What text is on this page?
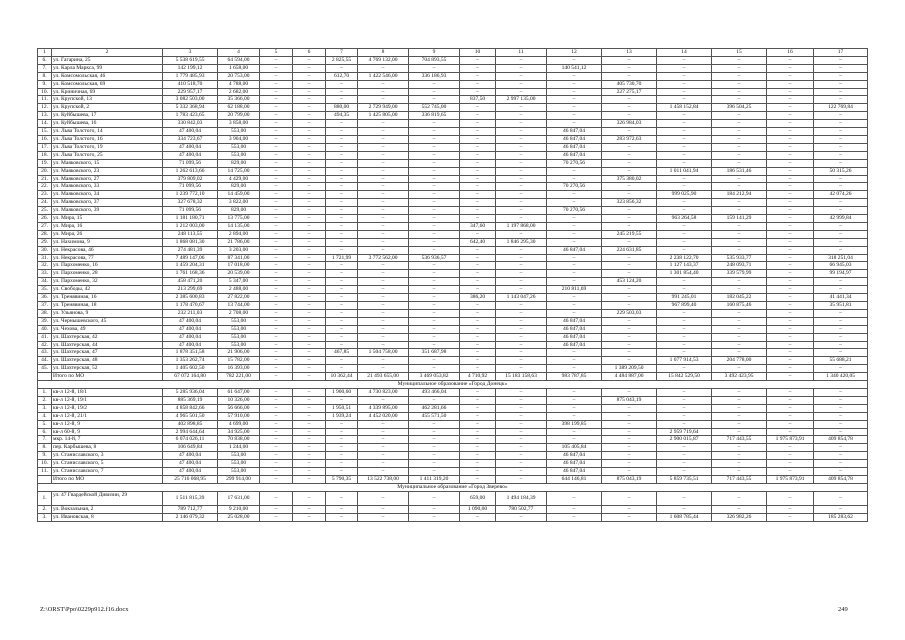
1	2	3	4	5	6	7	8	9	10	11	12	13	14	15	16	17
6.	ул. Гагарина, 25	5 538 619,55	64 594,00	–	–	2 825,55	4 769 132,00	704 893,55	–	–	–	–	–	–	–	–
7.	ул. Карла Маркса, 99	142 199,12	1 658,00	–	–	–	–	–	–	–	140 541,12	–	–	–	–	–
8.	ул. Комсомольская, 46	1 779 485,93	20 753,00	–	–	612,70	1 422 546,00	336 186,93	–	–	–	–	–	–	–	–
9.	ул. Комсомольская, 69	410 518,70	4 788,00	–	–	–	–	–	–	–	–	405 730,70	–	–	–	–
10.	ул. Криничная, 69	229 957,17	2 682,00	–	–	–	–	–	–	–	–	227 275,17	–	–	–	–
11.	ул. Крупской, 13	3 082 503,00	35 366,00	–	–	–	–	–	837,50	2 997 135,00	–	–	–	–	–	–
12.	ул. Крупской, 2	5 332 368,94	62 188,00	–	–	880,00	2 729 949,00	552 745,00	–	–	–	–	1 458 152,84	396 504,25	–	122 769,84
13.	ул. Куйбышева, 17	1 783 423,65	20 799,00	–	–	494,35	1 425 805,00	336 819,65	–	–	–	–	–	–	–	–
14.	ул. Куйбышева, 16	330 842,03	3 858,00	–	–	–	–	–	–	–	–	326 984,03	–	–	–	–
15.	ул. Льва Толстого, 14	47 400,04	553,00	–	–	–	–	–	–	–	46 847,04	–	–	–	–	–
16.	ул. Льва Толстого, 16	334 723,67	3 904,00	–	–	–	–	–	–	–	46 847,04	283 972,63	–	–	–	–
17.	ул. Льва Толстого, 19	47 400,04	553,00	–	–	–	–	–	–	–	46 847,04	–	–	–	–	–
18.	ул. Льва Толстого, 25	47 400,04	553,00	–	–	–	–	–	–	–	46 847,04	–	–	–	–	–
19.	ул. Маяковского, 15	71 099,56	829,00	–	–	–	–	–	–	–	70 270,56	–	–	–	–	–
20.	ул. Маяковского, 23	1 262 613,66	14 725,00	–	–	–	–	–	–	–	–	–	1 011 041,94	186 531,46	–	50 315,26
21.	ул. Маяковского, 27	379 809,02	4 429,00	–	–	–	–	–	–	–	–	375 380,02	–	–	–	–
22.	ул. Маяковского, 33	71 099,56	829,00	–	–	–	–	–	–	–	70 270,56	–	–	–	–	–
23.	ул. Маяковского, 34	1 239 772,10	14 459,00	–	–	–	–	–	–	–	–	–	999 025,90	184 212,94	–	42 074,26
24.	ул. Маяковского, 37	327 678,32	3 822,00	–	–	–	–	–	–	–	–	323 856,32	–	–	–	–
25.	ул. Маяковского, 39	71 099,56	829,00	–	–	–	–	–	–	–	70 270,56	–	–	–	–	–
26.	ул. Мира, 15	1 181 180,71	13 775,00	–	–	–	–	–	–	–	–	–	963 264,58	159 141,29	–	42 999,84
27.	ул. Мира, 16	1 212 003,00	14 135,00	–	–	–	–	–	347,60	1 197 868,00	–	–	–	–	–	–
28.	ул. Мира, 26	248 113,55	2 894,00	–	–	–	–	–	–	–	–	245 219,55	–	–	–	–
29.	ул. Нахимова, 9	1 868 081,30	21 786,00	–	–	–	–	–	642,40	1 846 295,30	–	–	–	–	–	–
30.	ул. Некрасова, 46	274 481,39	3 203,00	–	–	–	–	–	–	–	46 847,04	224 631,85	–	–	–	–
31.	ул. Некрасова, 77	7 489 147,06	87 341,00	–	–	1 721,99	3 772 562,00	536 936,57	–	–	–	–	2 238 122,70	535 933,77	–	318 251,04
32.	ул. Пархоменко, 16	1 459 204,31	17 018,00	–	–	–	–	–	–	–	–	–	1 127 143,37	248 093,71	–	66 945,03
33.	ул. Пархоменко, 28	1 761 168,36	20 539,00	–	–	–	–	–	–	–	–	–	1 301 854,40	339 579,99	–	99 194,97
34.	ул. Пархоменко, 32	458 471,20	5 347,00	–	–	–	–	–	–	–	–	453 124,20	–	–	–	–
35.	ул. Свободы, 42	213 299,69	2 488,00	–	–	–	–	–	–	–	210 811,69	–	–	–	–	–
36.	ул. Тренявиная, 16	2 385 600,83	27 822,00	–	–	–	–	–	386,20	1 143 047,26	–	–	991 245,01	182 045,22	–	41 441,34
37.	ул. Тренявиная, 18	1 178 470,67	13 744,00	–	–	–	–	–	–	–	–	–	967 899,40	160 875,46	–	35 951,81
38.	ул. Ульянова, 9	232 211,03	2 708,00	–	–	–	–	–	–	–	–	229 503,03	–	–	–	–
39.	ул. Чернышевского, 45	47 400,04	553,00	–	–	–	–	–	–	–	46 847,04	–	–	–	–	–
40.	ул. Чехова, 49	47 400,04	553,00	–	–	–	–	–	–	–	46 847,04	–	–	–	–	–
41.	ул. Шахтерская, 42	47 400,04	553,00	–	–	–	–	–	–	–	46 847,04	–	–	–	–	–
42.	ул. Шахтерская, 44	47 400,04	553,00	–	–	–	–	–	–	–	46 847,04	–	–	–	–	–
43.	ул. Шахтерская, 47	1 878 351,58	21 906,00	–	–	467,85	1 504 758,00	351 687,98	–	–	–	–	–	–	–	–
44.	ул. Шахтерская, 48	1 353 262,74	15 782,00	–	–	–	–	–	–	–	–	–	1 077 914,53	204 778,00	–	55 688,21
45.	ул. Шахтерская, 52	1 405 602,50	16 393,00	–	–	–	–	–	–	–	–	1 389 209,50	–	–	–	–
	Итого по МО	67 072 164,80	782 221,00	–	–	10 362,44	21 493 655,00	3 469 053,82	4 710,92	15 183 158,63	983 787,85	4 484 887,00	15 842 529,50	3 492 423,95	–	1 340 420,05
Муниципальное образование «Город Донецк»																
1.	кв-л 12-й, 18/1	5 285 936,04	61 647,00	–	–	1 900,60	4 730 823,00	493 466,04	–	–	–	–	–	–	–	–
2.	кв-л 12-й, 19/1	885 369,19	10 326,00	–	–	–	–	–	–	–	–	875 043,19	–	–	–	–
3.	кв-л 12-й, 19/2	4 858 842,66	56 666,00	–	–	1 950,51	4 339 895,00	462 281,66	–	–	–	–	–	–	–	–
4.	кв-л 12-й, 21/1	4 965 501,50	57 910,00	–	–	1 939,24	4 452 020,00	455 571,50	–	–	–	–	–	–	–	–
5.	кв-л 12-й, 9	402 898,85	4 699,00	–	–	–	–	–	–	–	398 199,85	–	–	–	–	–
6.	кв-л 60-й, 9	2 994 644,64	34 925,00	–	–	–	–	–	–	–	–	–	2 959 719,64	–	–	–
7.	мкр. 14-й, 7	6 074 026,11	70 838,00	–	–	–	–	–	–	–	–	–	2 900 015,87	717 443,55	1 975 873,91	409 854,78
8.	пер. Карбышева, 8	106 649,84	1 244,00	–	–	–	–	–	–	–	105 405,84	–	–	–	–	–
9.	ул. Станиславского, 3	47 400,04	553,00	–	–	–	–	–	–	–	46 847,04	–	–	–	–	–
10.	ул. Станиславского, 5	47 400,04	553,00	–	–	–	–	–	–	–	46 847,04	–	–	–	–	–
11.	ул. Станиславского, 7	47 400,04	553,00	–	–	–	–	–	–	–	46 847,04	–	–	–	–	–
	Итого по МО	25 716 068,95	299 914,00	–	–	5 790,35	13 522 738,00	1 411 319,20	–	–	644 146,81	875 043,19	5 859 735,51	717 443,55	1 975 873,91	409 854,78
Муниципальное образование «Город Зверево»																
1.	ул. 47 Гвардейской Дивизии, 29	1 511 815,39	17 631,00	–	–	–	–	–	659,00	1 494 184,39	–	–	–	–	–	–
2.	ул. Вокзальная, 2	789 712,77	9 210,00	–	–	–	–	–	1 090,00	780 502,77	–	–	–	–	–	–
3.	ул. Ивановская, 8	2 146 079,32	25 028,00	–	–	–	–	–	–	–	–	–	1 608 785,44	326 982,26	–	185 283,62
Z:\ORST\Ppo\0229p912.f16.docx	249
